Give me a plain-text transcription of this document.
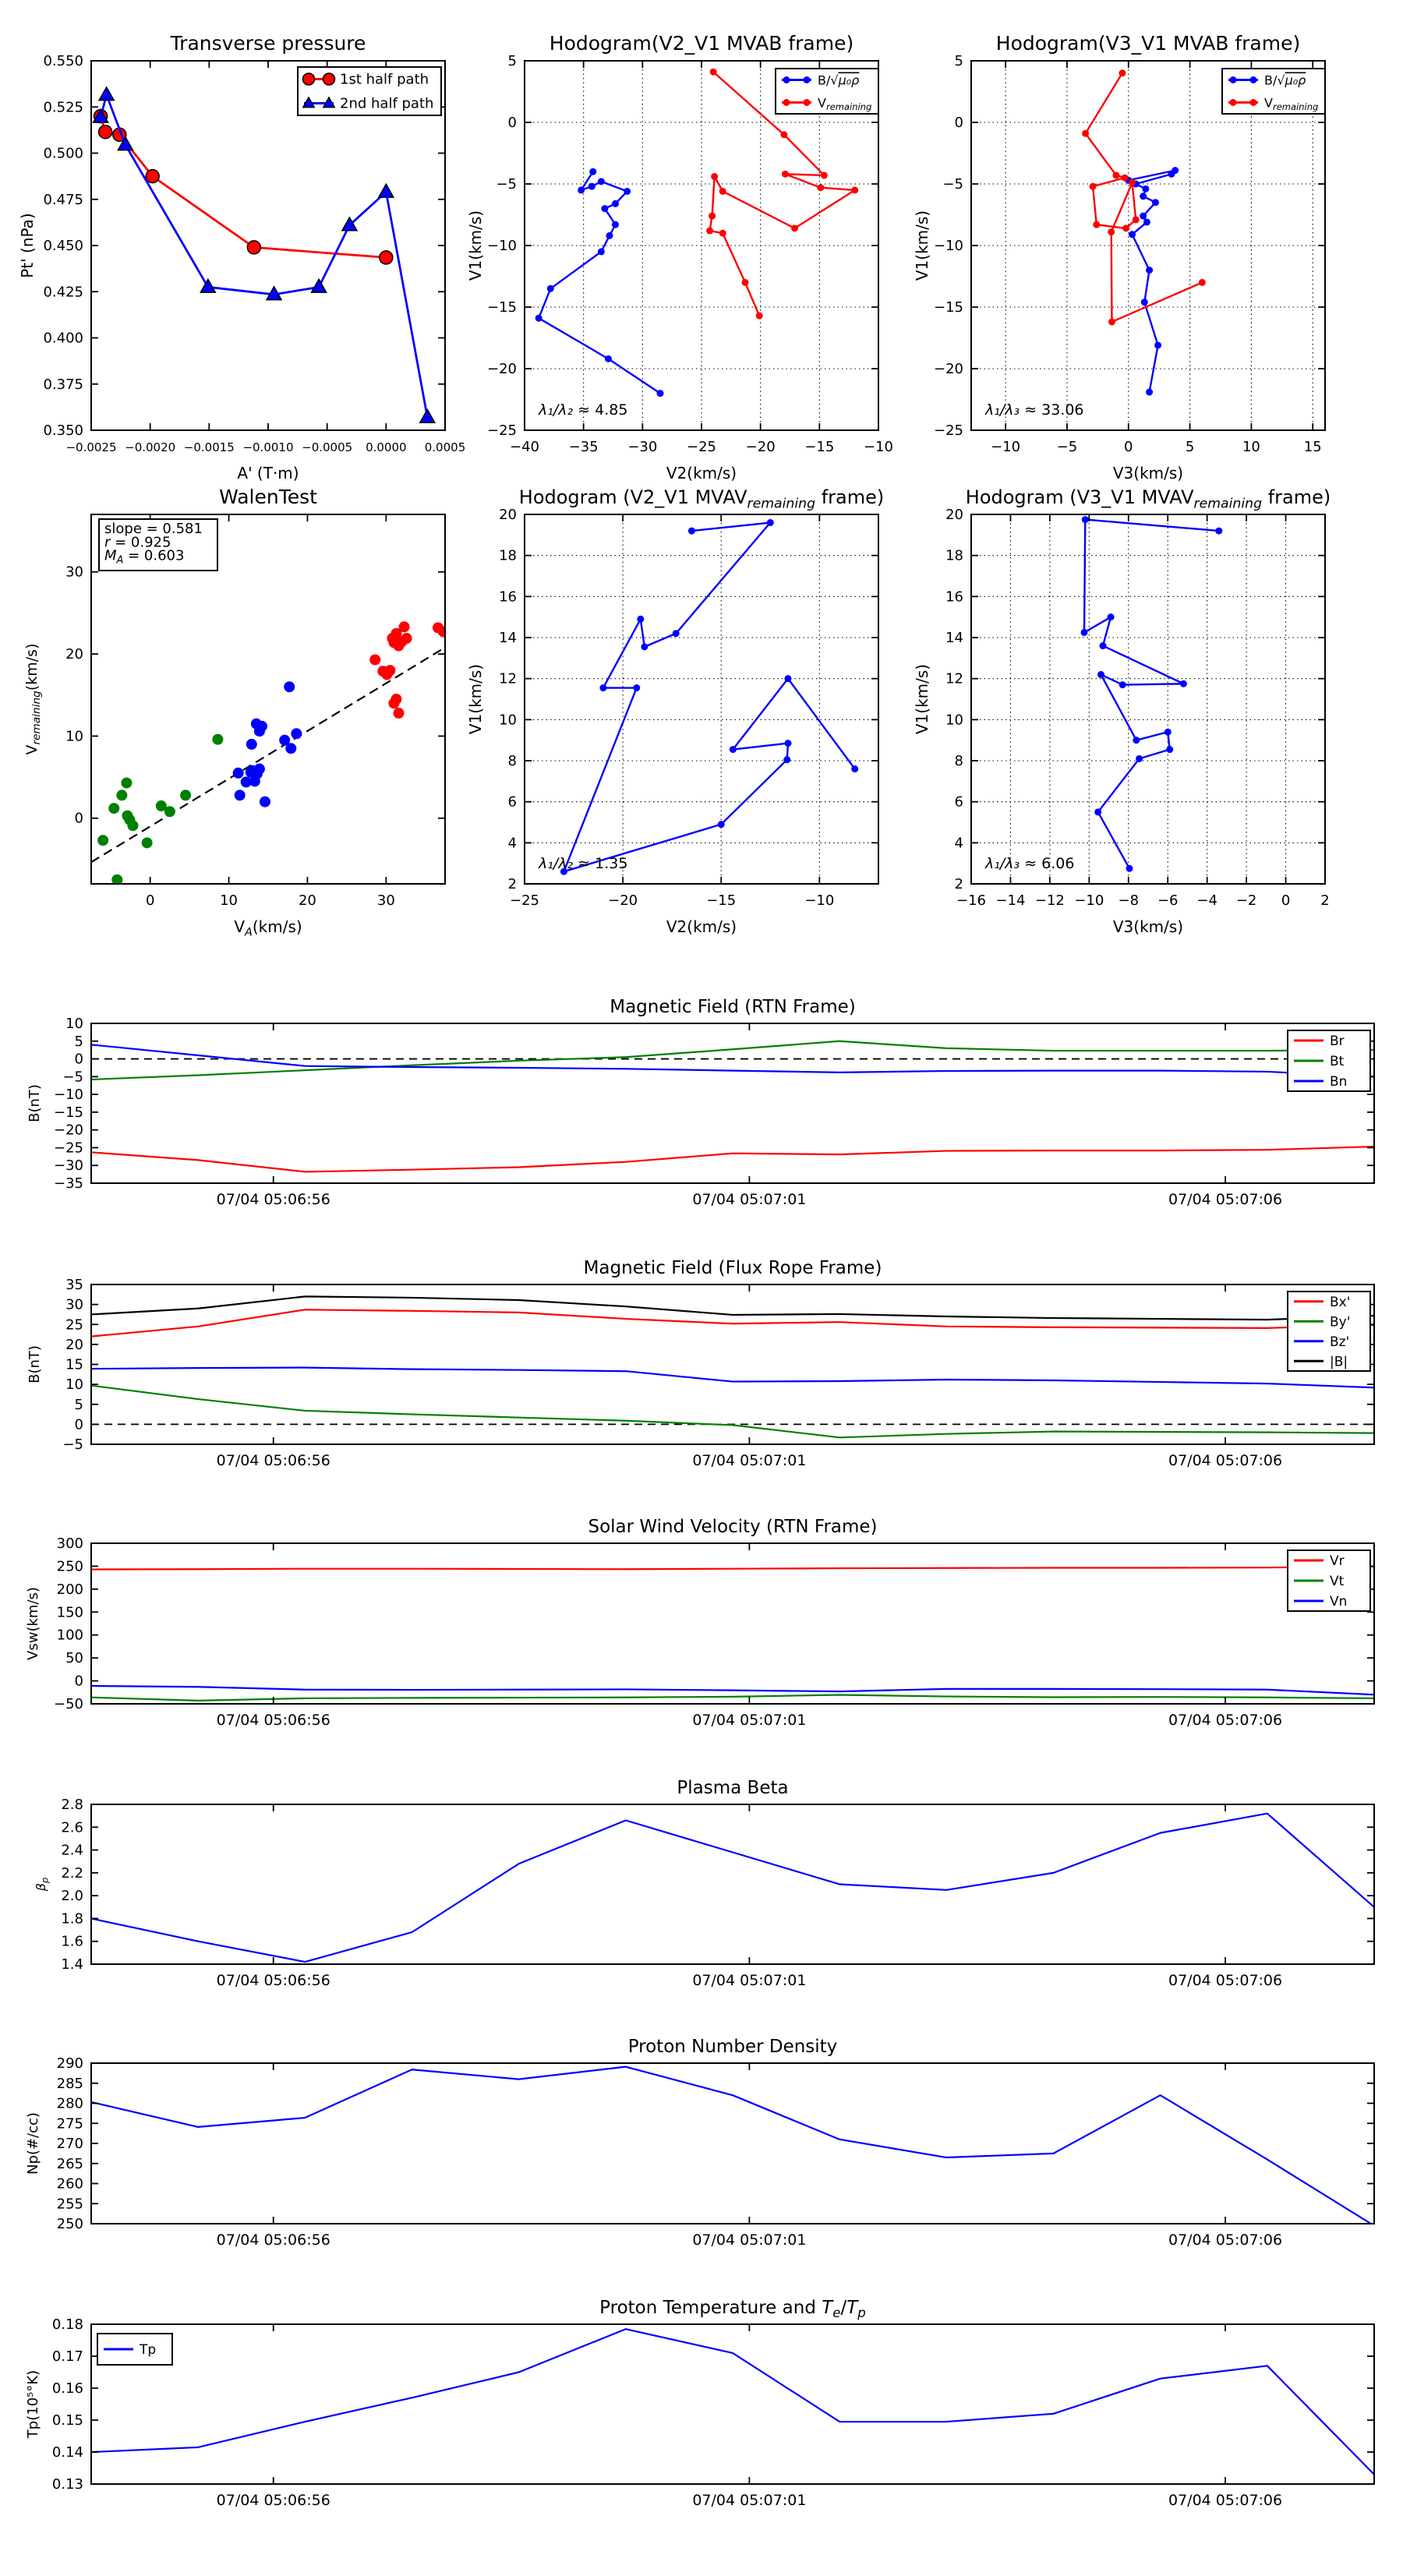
−0.0025 −0.0020 −0.0015 −0.0010 −0.0005 0.0000 0.0005
0.350
0.375
0.400
0.425
0.450
0.475
0.500
0.525
0.550
Transverse pressure
A' (T·m)
Pt' (nPa)
1st half path
2nd half path
−40 −35 −30 −25 −20 −15 −10
5
0
−5
−10
−15
−20
−25
Hodogram(V2_V1 MVAB frame)
V2(km/s)
V1(km/s)
λ₁/λ₂ ≈ 4.85
B/√μ₀ρ
$V_{remaining}$
−10	−5	0	5	10	15
5
0
−5
−10
−15
−20
−25
Hodogram(V3_V1 MVAB frame)
V3(km/s)
V1(km/s)
λ₁/λ₃ ≈ 33.06
B/√μ₀ρ
$V_{remaining}$
0	10	20	30
0
10
20
30
WalenTest
$V_A(km/s)$
$V_{remaining}(km/s)$
slope = 0.581
r = 0.925
$M_A = 0.603$
−25	−20	−15	−10
20
18
16
14
12
10
8
6
4
2
Hodogram (V2_V1 $MVAV_{remaining}$ frame)
V2(km/s)
V1(km/s)
λ₁/λ₂ ≈ 1.35
−16 −14 −12 −10 −8 −6 −4 −2 0 2
20
18
16
14
12
10
8
6
4
2
Hodogram (V3_V1 $MVAV_{remaining}$ frame)
V3(km/s)
V1(km/s)
λ₁/λ₃ ≈ 6.06
07/04 05:06:56	07/04 05:07:01	07/04 05:07:06
10
5
0
−5
−10
−15
−20
−25
−30
−35
Magnetic Field (RTN Frame)
B(nT)
Br
Bt
Bn
07/04 05:06:56	07/04 05:07:01	07/04 05:07:06
35
30
25
20
15
10
5
0
−5
Magnetic Field (Flux Rope Frame)
B(nT)
Bx'
By'
Bz'
|B|
07/04 05:06:56	07/04 05:07:01	07/04 05:07:06
300
250
200
150
100
50
0
−50
Solar Wind Velocity (RTN Frame)
Vsw(km/s)
Vr
Vt
Vn
07/04 05:06:56	07/04 05:07:01	07/04 05:07:06
2.8
2.6
2.4
2.2
2.0
1.8
1.6
1.4
Plasma Beta
$\beta_p$
07/04 05:06:56	07/04 05:07:01	07/04 05:07:06
290
285
280
275
270
265
260
255
250
Proton Number Density
Np(#/cc)
07/04 05:06:56	07/04 05:07:01	07/04 05:07:06
0.18
0.17
0.16
0.15
0.14
0.13
Proton Temperature and $T_e/T_p$
Tp(10⁵°K)
Tp
